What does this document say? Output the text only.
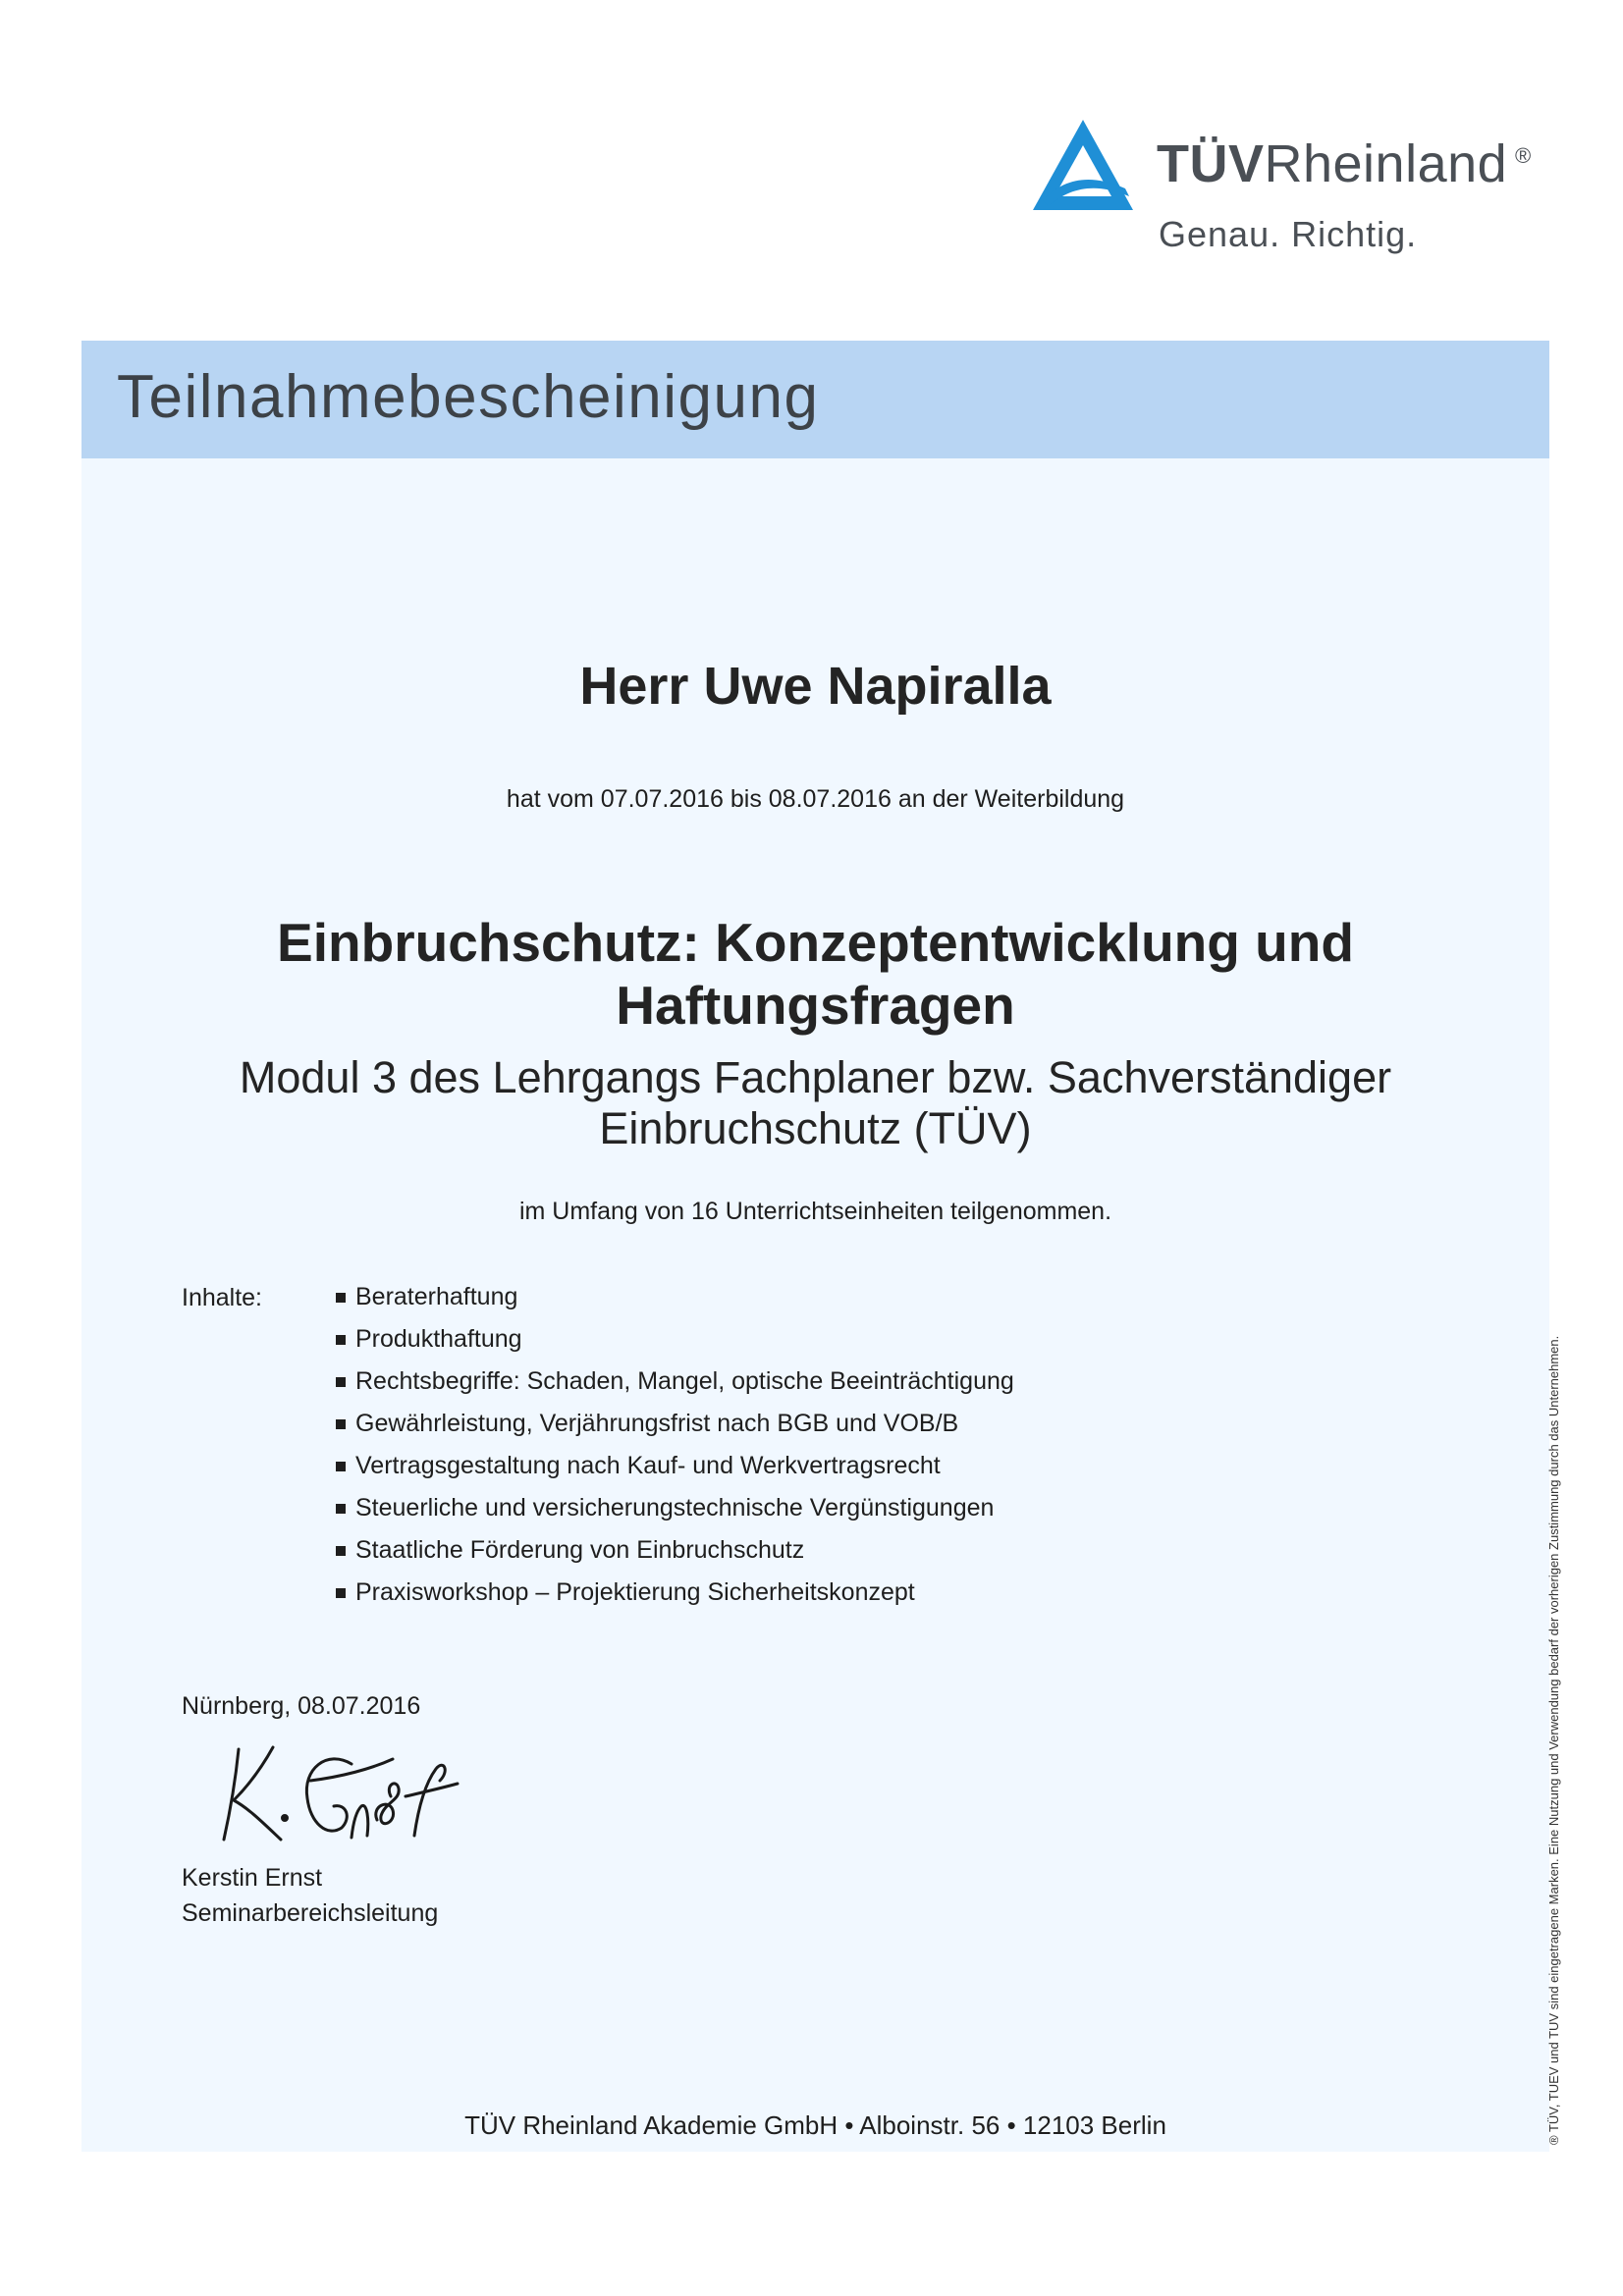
TÜVRheinland ®
Genau. Richtig.
Teilnahmebescheinigung
Herr Uwe Napiralla
hat vom 07.07.2016 bis 08.07.2016 an der Weiterbildung
Einbruchschutz: Konzeptentwicklung und
Haftungsfragen
Modul 3 des Lehrgangs Fachplaner bzw. Sachverständiger
Einbruchschutz (TÜV)
im Umfang von 16 Unterrichtseinheiten teilgenommen.
Inhalte:	Beraterhaftung
Produkthaftung
Rechtsbegriffe: Schaden, Mangel, optische Beeinträchtigung
Gewährleistung, Verjährungsfrist nach BGB und VOB/B
Vertragsgestaltung nach Kauf- und Werkvertragsrecht
Steuerliche und versicherungstechnische Vergünstigungen
Staatliche Förderung von Einbruchschutz
Praxisworkshop – Projektierung Sicherheitskonzept
Nürnberg, 08.07.2016
Kerstin Ernst
Seminarbereichsleitung
TÜV Rheinland Akademie GmbH • Alboinstr. 56 • 12103 Berlin	® TÜV, TUEV und TUV sind eingetragene Marken. Eine Nutzung und Verwendung bedarf der vorherigen Zustimmung durch das Unternehmen.
